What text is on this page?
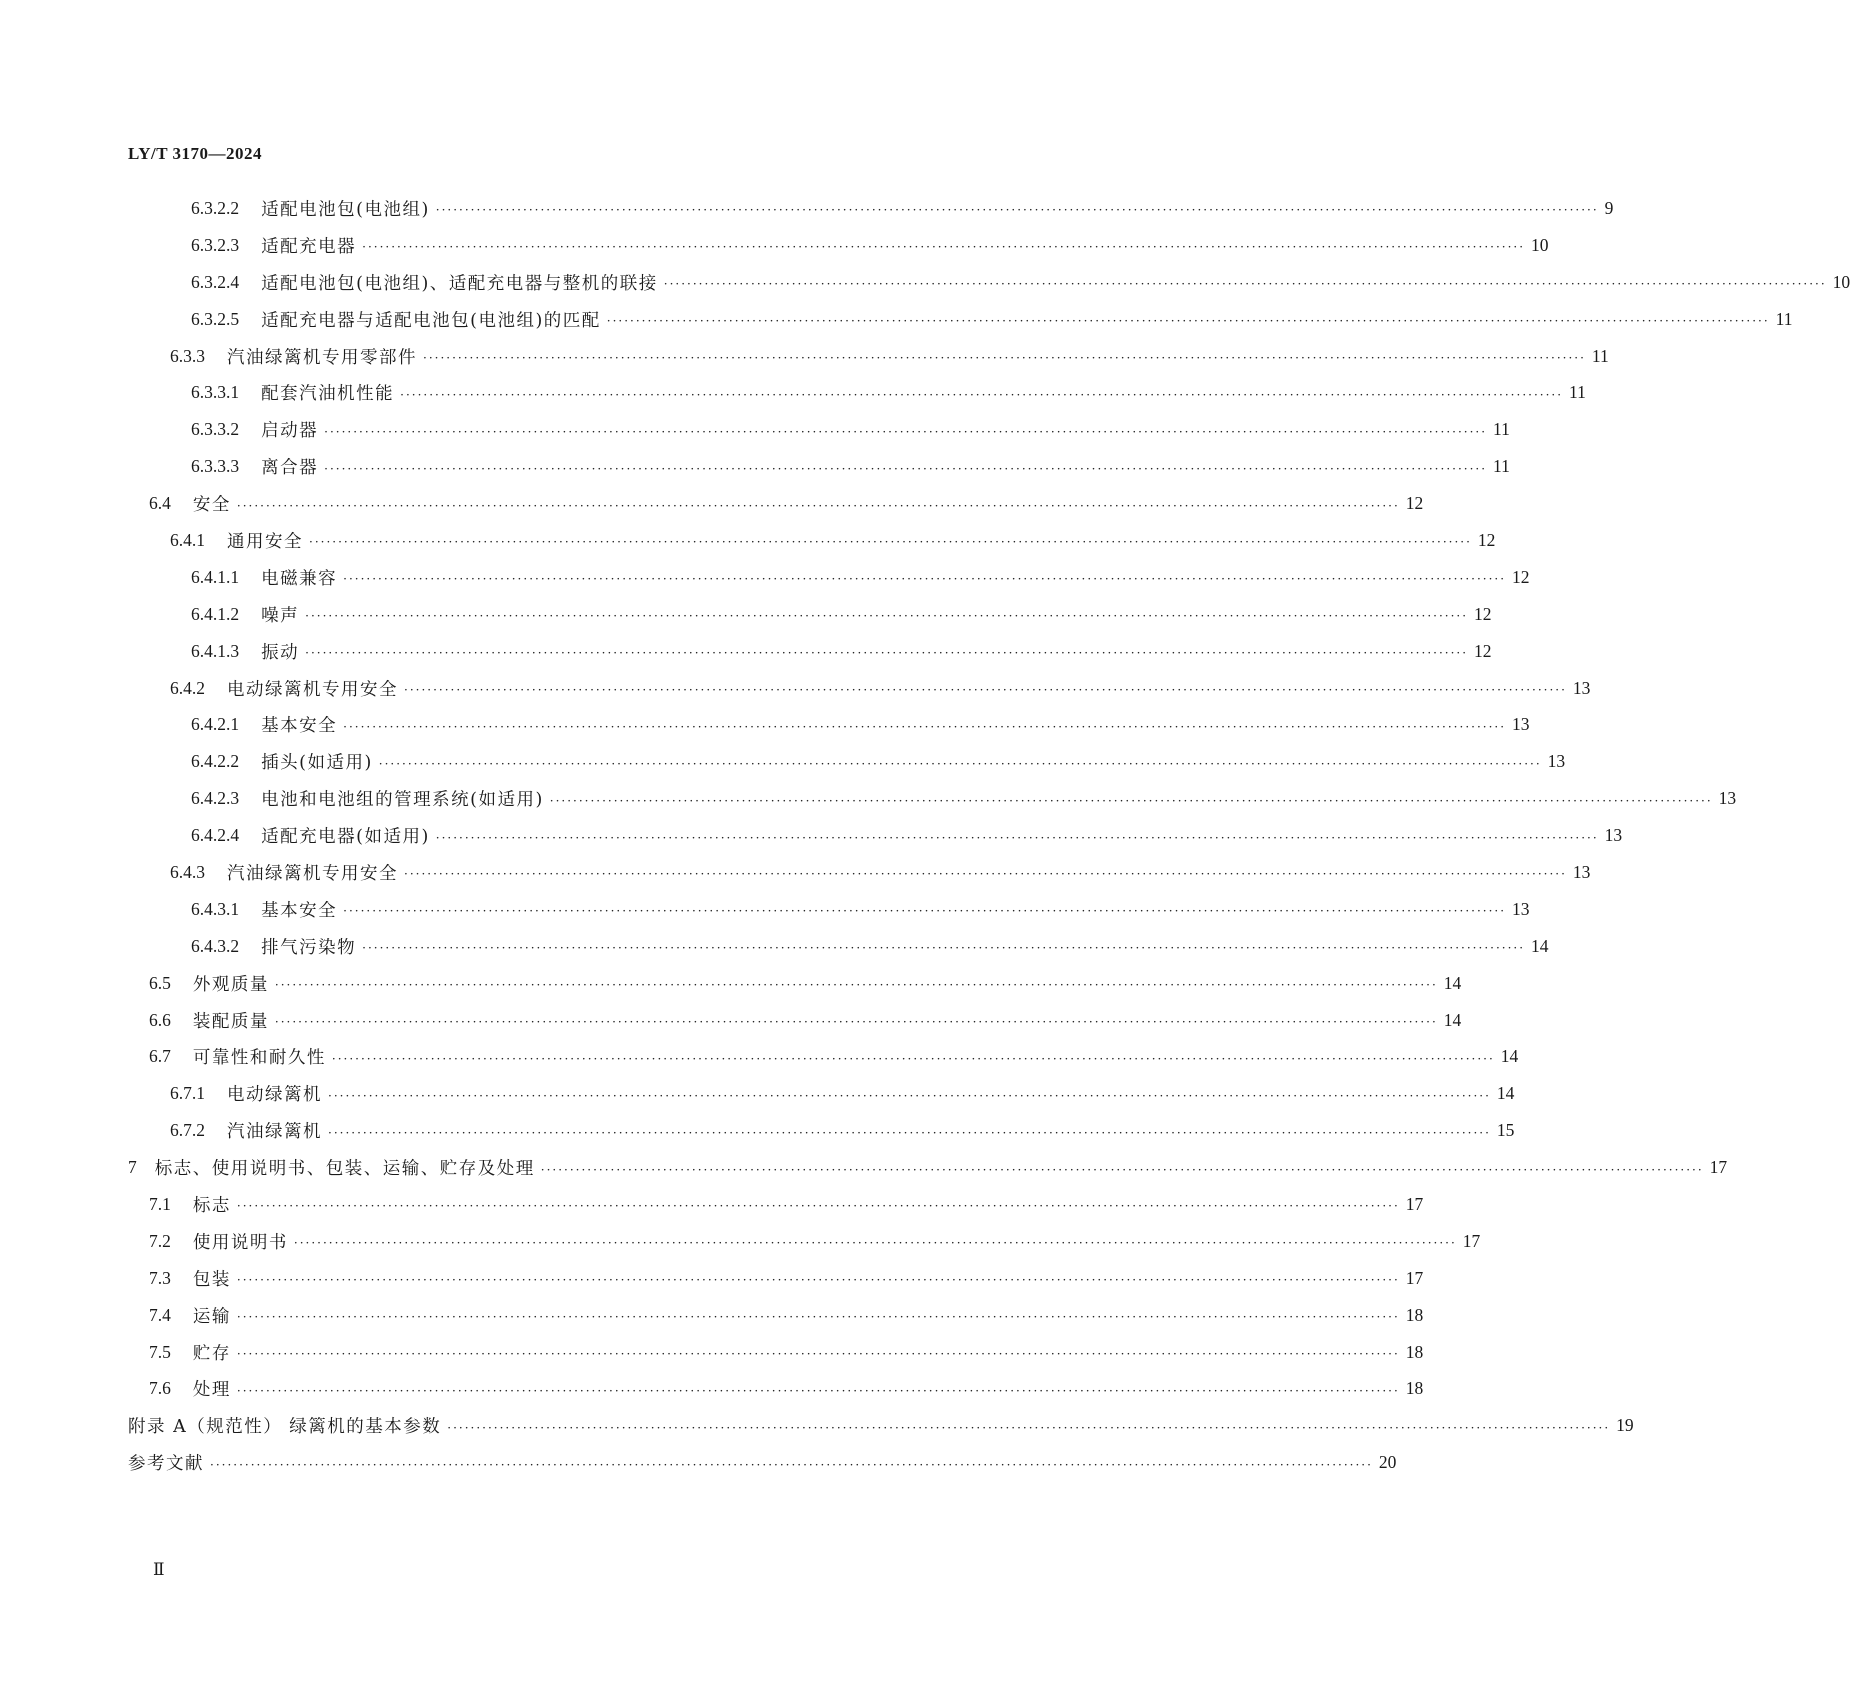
LY/T 3170—2024
6.3.2.2 适配电池包(电池组) ········································································································································································································ 9
6.3.2.3 适配充电器 ········································································································································································································ 10
6.3.2.4 适配电池包(电池组)、适配充电器与整机的联接 ········································································································································································································ 10
6.3.2.5 适配充电器与适配电池包(电池组)的匹配 ········································································································································································································ 11
6.3.3 汽油绿篱机专用零部件 ········································································································································································································ 11
6.3.3.1 配套汽油机性能 ········································································································································································································ 11
6.3.3.2 启动器 ········································································································································································································ 11
6.3.3.3 离合器 ········································································································································································································ 11
6.4 安全 ········································································································································································································ 12
6.4.1 通用安全 ········································································································································································································ 12
6.4.1.1 电磁兼容 ········································································································································································································ 12
6.4.1.2 噪声 ········································································································································································································ 12
6.4.1.3 振动 ········································································································································································································ 12
6.4.2 电动绿篱机专用安全 ········································································································································································································ 13
6.4.2.1 基本安全 ········································································································································································································ 13
6.4.2.2 插头(如适用) ········································································································································································································ 13
6.4.2.3 电池和电池组的管理系统(如适用) ········································································································································································································ 13
6.4.2.4 适配充电器(如适用) ········································································································································································································ 13
6.4.3 汽油绿篱机专用安全 ········································································································································································································ 13
6.4.3.1 基本安全 ········································································································································································································ 13
6.4.3.2 排气污染物 ········································································································································································································ 14
6.5 外观质量 ········································································································································································································ 14
6.6 装配质量 ········································································································································································································ 14
6.7 可靠性和耐久性 ········································································································································································································ 14
6.7.1 电动绿篱机 ········································································································································································································ 14
6.7.2 汽油绿篱机 ········································································································································································································ 15
7 标志、使用说明书、包装、运输、贮存及处理 ········································································································································································································ 17
7.1 标志 ········································································································································································································ 17
7.2 使用说明书 ········································································································································································································ 17
7.3 包装 ········································································································································································································ 17
7.4 运输 ········································································································································································································ 18
7.5 贮存 ········································································································································································································ 18
7.6 处理 ········································································································································································································ 18
附录 A（规范性） 绿篱机的基本参数 ········································································································································································································ 19
参考文献 ········································································································································································································ 20
Ⅱ
